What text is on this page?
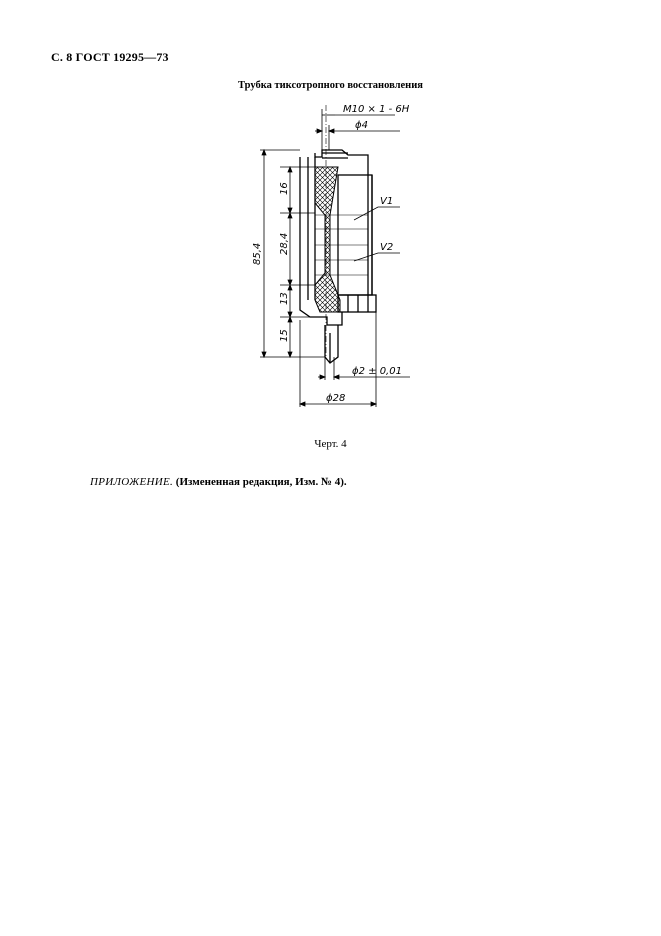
С. 8 ГОСТ 19295—73
Трубка тиксотропного восстановления
V1
V2
M10 × 1 - 6H
ϕ4
85,4
16
28,4
13
15
ϕ2 ± 0,01
ϕ28
Черт. 4
ПРИЛОЖЕНИЕ. (Измененная редакция, Изм. № 4).
